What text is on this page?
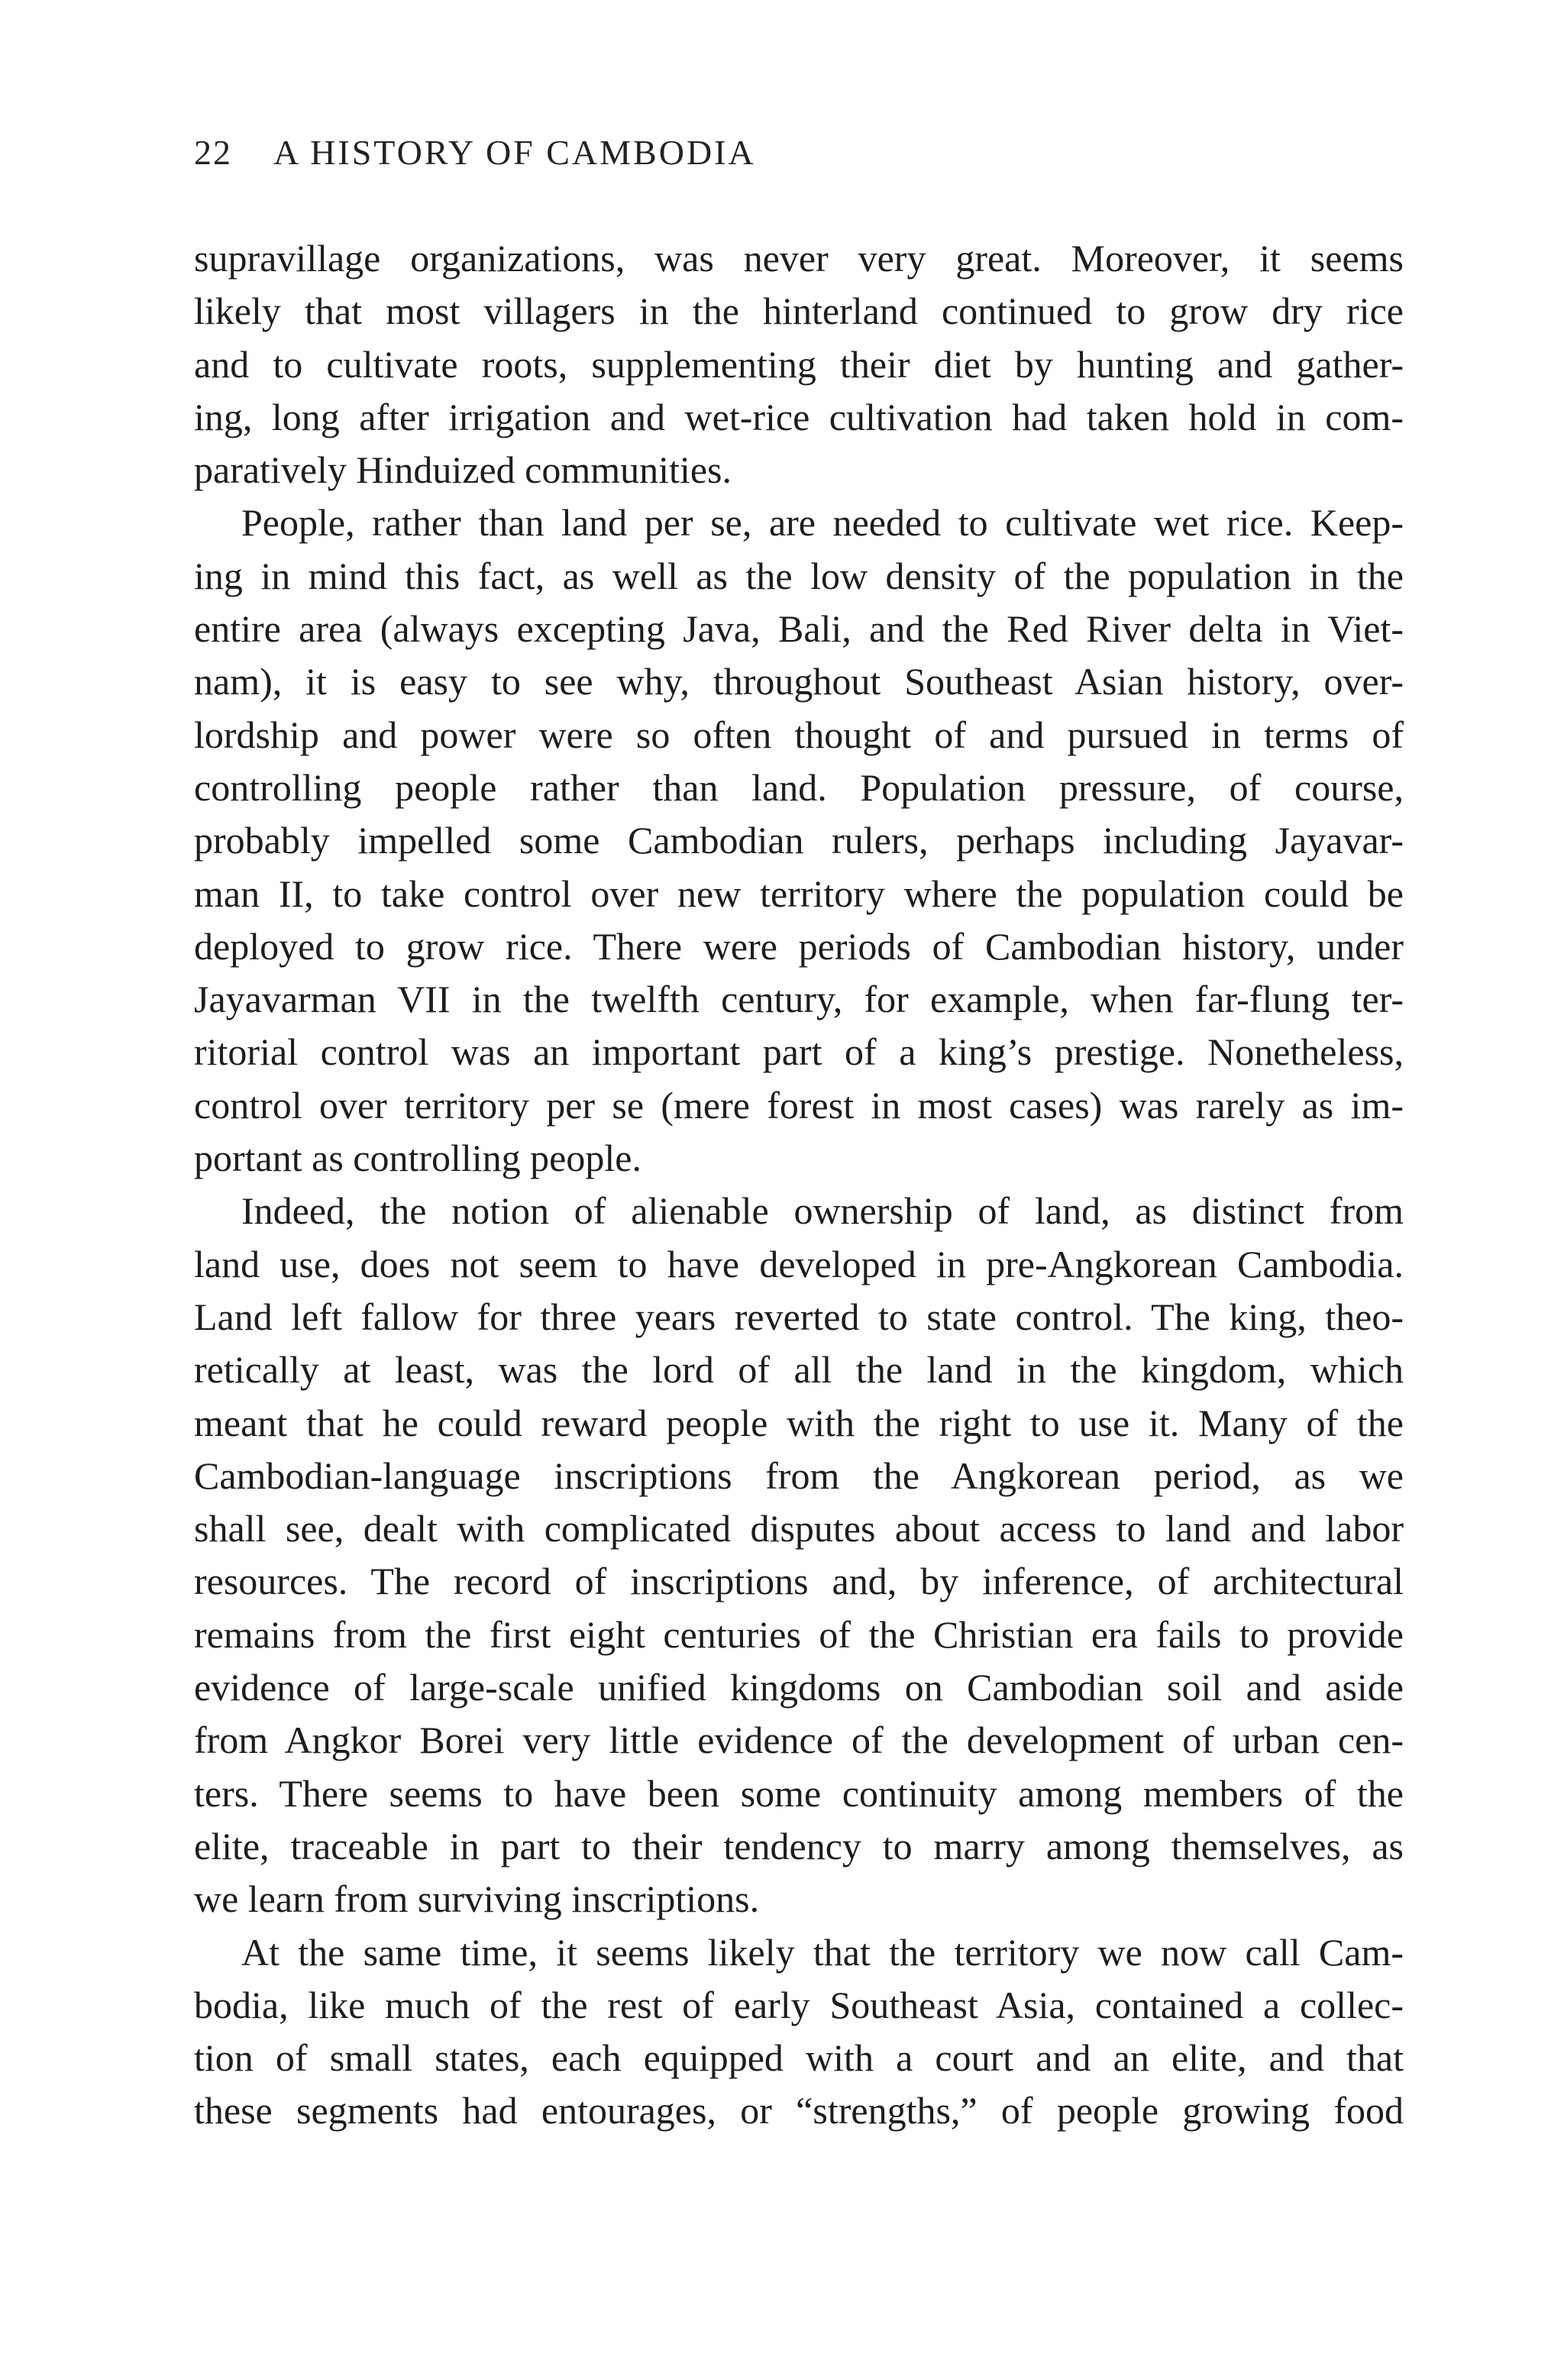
22	A HISTORY OF CAMBODIA
supravillage organizations, was never very great. Moreover, it seems
likely that most villagers in the hinterland continued to grow dry rice
and to cultivate roots, supplementing their diet by hunting and gather-
ing, long after irrigation and wet-rice cultivation had taken hold in com-
paratively Hinduized communities.
People, rather than land per se, are needed to cultivate wet rice. Keep-
ing in mind this fact, as well as the low density of the population in the
entire area (always excepting Java, Bali, and the Red River delta in Viet-
nam), it is easy to see why, throughout Southeast Asian history, over-
lordship and power were so often thought of and pursued in terms of
controlling people rather than land. Population pressure, of course,
probably impelled some Cambodian rulers, perhaps including Jayavar-
man II, to take control over new territory where the population could be
deployed to grow rice. There were periods of Cambodian history, under
Jayavarman VII in the twelfth century, for example, when far-flung ter-
ritorial control was an important part of a king’s prestige. Nonetheless,
control over territory per se (mere forest in most cases) was rarely as im-
portant as controlling people.
Indeed, the notion of alienable ownership of land, as distinct from
land use, does not seem to have developed in pre-Angkorean Cambodia.
Land left fallow for three years reverted to state control. The king, theo-
retically at least, was the lord of all the land in the kingdom, which
meant that he could reward people with the right to use it. Many of the
Cambodian-language inscriptions from the Angkorean period, as we
shall see, dealt with complicated disputes about access to land and labor
resources. The record of inscriptions and, by inference, of architectural
remains from the first eight centuries of the Christian era fails to provide
evidence of large-scale unified kingdoms on Cambodian soil and aside
from Angkor Borei very little evidence of the development of urban cen-
ters. There seems to have been some continuity among members of the
elite, traceable in part to their tendency to marry among themselves, as
we learn from surviving inscriptions.
At the same time, it seems likely that the territory we now call Cam-
bodia, like much of the rest of early Southeast Asia, contained a collec-
tion of small states, each equipped with a court and an elite, and that
these segments had entourages, or “strengths,” of people growing food
